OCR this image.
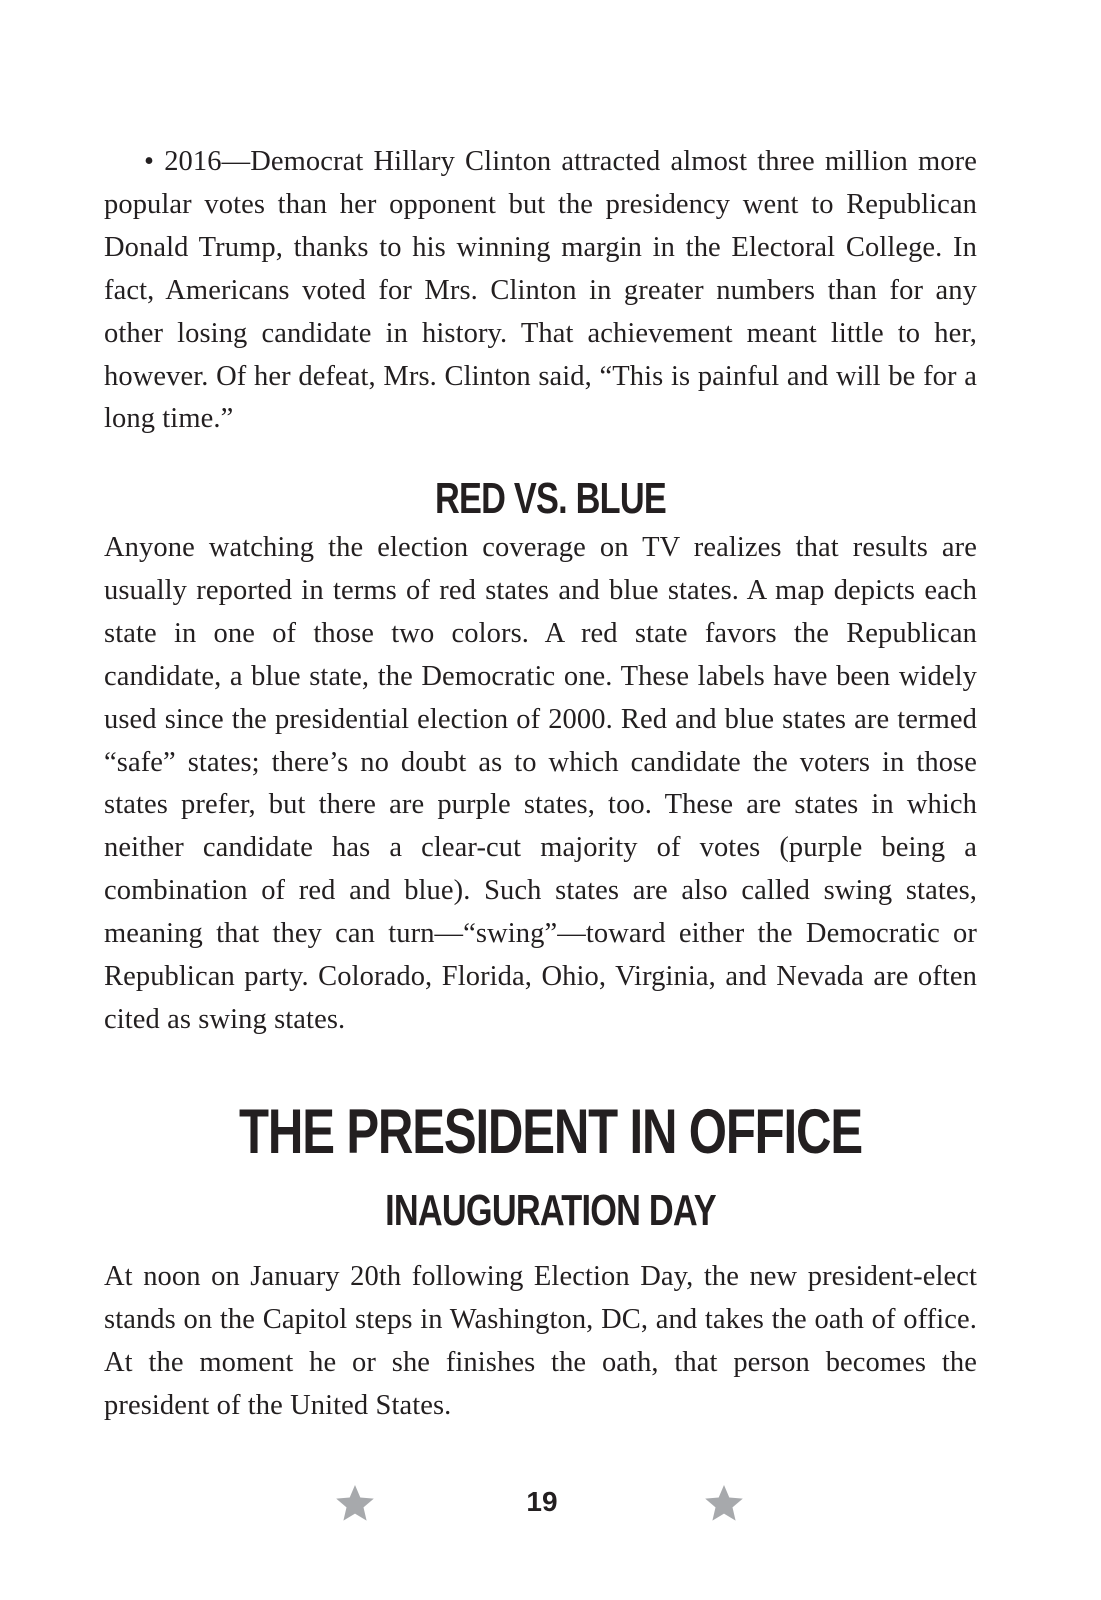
• 2016—Democrat Hillary Clinton attracted almost three million more popular votes than her opponent but the presidency went to Republican Donald Trump, thanks to his winning margin in the Electoral College. In fact, Americans voted for Mrs. Clinton in greater numbers than for any other losing candidate in history. That achievement meant little to her, however. Of her defeat, Mrs. Clinton said, “This is painful and will be for a long time.”

RED VS. BLUE

Anyone watching the election coverage on TV realizes that results are usually reported in terms of red states and blue states. A map depicts each state in one of those two colors. A red state favors the Republican candidate, a blue state, the Democratic one. These labels have been widely used since the presidential election of 2000. Red and blue states are termed “safe” states; there’s no doubt as to which candidate the voters in those states prefer, but there are purple states, too. These are states in which neither candidate has a clear-cut majority of votes (purple being a combination of red and blue). Such states are also called swing states, meaning that they can turn—“swing”—toward either the Democratic or Republican party. Colorado, Florida, Ohio, Virginia, and Nevada are often cited as swing states.

THE PRESIDENT IN OFFICE
INAUGURATION DAY

At noon on January 20th following Election Day, the new president-elect stands on the Capitol steps in Washington, DC, and takes the oath of office. At the moment he or she finishes the oath, that person becomes the president of the United States.

19
